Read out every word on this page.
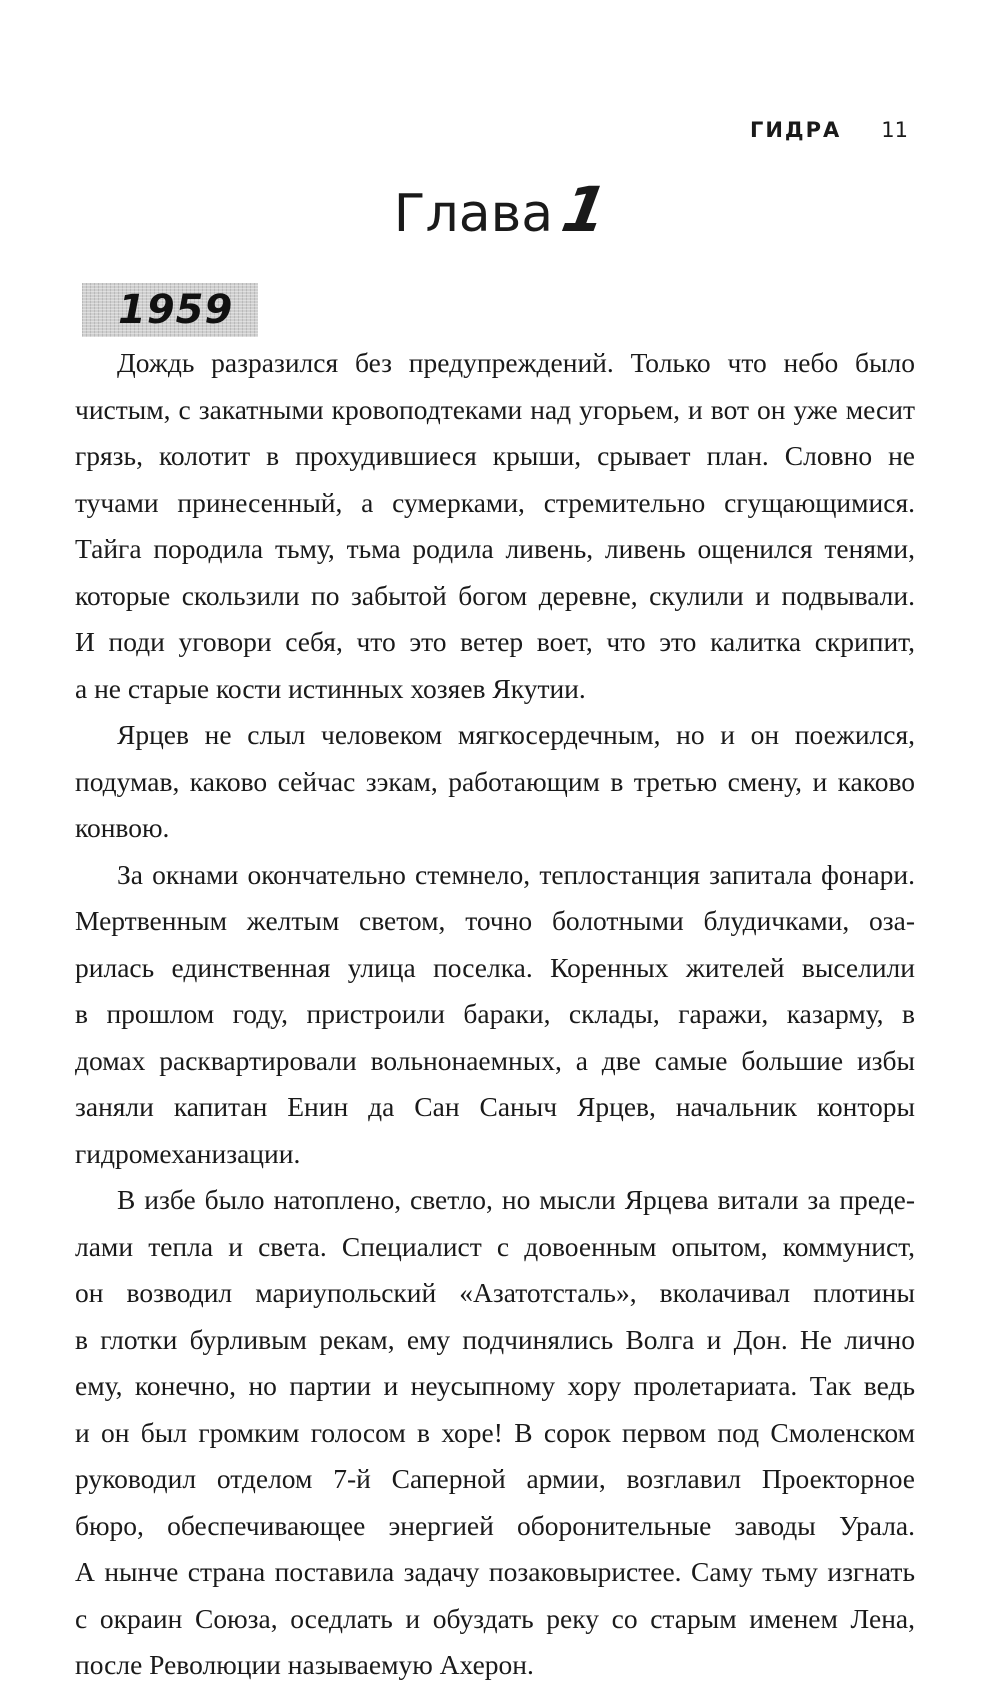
ГИДРА 11
Глава1
1959
Дождь разразился без предупреждений. Только что небо было
чистым, с закатными кровоподтеками над угорьем, и вот он уже месит
грязь, колотит в прохудившиеся крыши, срывает план. Словно не
тучами принесенный, а сумерками, стремительно сгущающимися.
Тайга породила тьму, тьма родила ливень, ливень ощенился тенями,
которые скользили по забытой богом деревне, скулили и подвывали.
И поди уговори себя, что это ветер воет, что это калитка скрипит,
а не старые кости истинных хозяев Якутии.
Ярцев не слыл человеком мягкосердечным, но и он поежился,
подумав, каково сейчас зэкам, работающим в третью смену, и каково
конвою.
За окнами окончательно стемнело, теплостанция запитала фонари.
Мертвенным желтым светом, точно болотными блудичками, оза-
рилась единственная улица поселка. Коренных жителей выселили
в прошлом году, пристроили бараки, склады, гаражи, казарму, в
домах расквартировали вольнонаемных, а две самые большие избы
заняли капитан Енин да Сан Саныч Ярцев, начальник конторы
гидромеханизации.
В избе было натоплено, светло, но мысли Ярцева витали за преде-
лами тепла и света. Специалист с довоенным опытом, коммунист,
он возводил мариупольский «Азатотсталь», вколачивал плотины
в глотки бурливым рекам, ему подчинялись Волга и Дон. Не лично
ему, конечно, но партии и неусыпному хору пролетариата. Так ведь
и он был громким голосом в хоре! В сорок первом под Смоленском
руководил отделом 7-й Саперной армии, возглавил Проекторное
бюро, обеспечивающее энергией оборонительные заводы Урала.
А нынче страна поставила задачу позаковыристее. Саму тьму изгнать
с окраин Союза, оседлать и обуздать реку со старым именем Лена,
после Революции называемую Ахерон.
